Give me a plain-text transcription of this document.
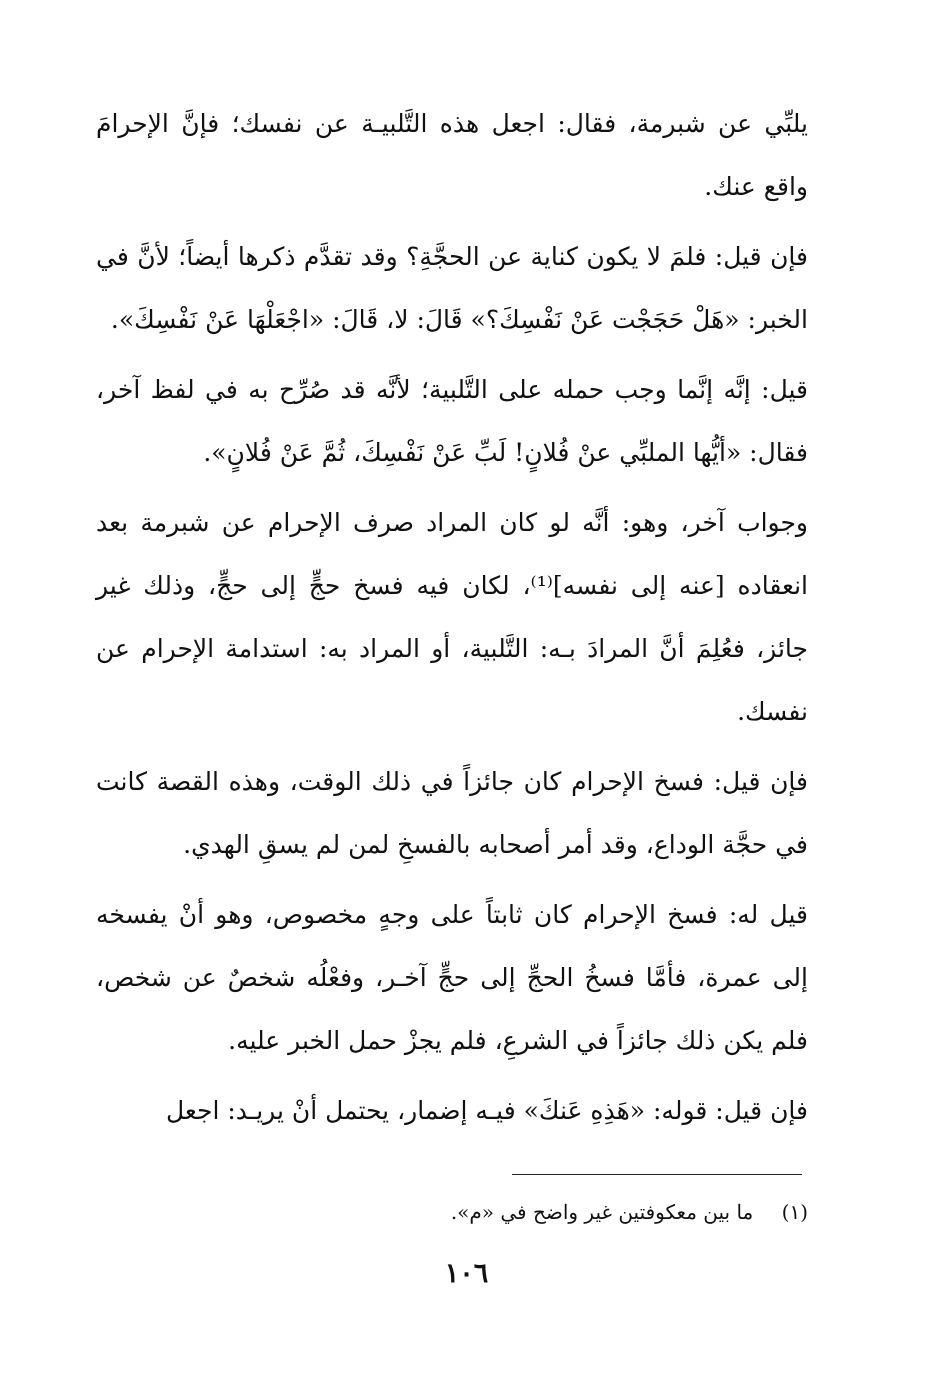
يلبِّي عن شبرمة، فقال: اجعل هذه التَّلبيـة عن نفسك؛ فإنَّ الإحرامَ واقع عنك.

فإن قيل: فلمَ لا يكون كناية عن الحجَّةِ؟ وقد تقدَّم ذكرها أيضاً؛ لأنَّ في الخبر: «هَلْ حَجَجْت عَنْ نَفْسِكَ؟» قَالَ: لا، قَالَ: «اجْعَلْهَا عَنْ نَفْسِكَ».

قيل: إنَّه إنَّما وجب حمله على التَّلبية؛ لأنَّه قد صُرِّح به في لفظ آخر، فقال: «أيُّها الملبِّي عنْ فُلانٍ! لَبِّ عَنْ نَفْسِكَ، ثُمَّ عَنْ فُلانٍ».

وجواب آخر، وهو: أنَّه لو كان المراد صرف الإحرام عن شبرمة بعد انعقاده [عنه إلى نفسه]⁽¹⁾، لكان فيه فسخ حجٍّ إلى حجٍّ، وذلك غير جائز، فعُلِمَ أنَّ المرادَ بـه: التَّلبية، أو المراد به: استدامة الإحرام عن نفسك.

فإن قيل: فسخ الإحرام كان جائزاً في ذلك الوقت، وهذه القصة كانت في حجَّة الوداع، وقد أمر أصحابه بالفسخِ لمن لم يسقِ الهدي.

قيل له: فسخ الإحرام كان ثابتاً على وجهٍ مخصوص، وهو أنْ يفسخه إلى عمرة، فأمَّا فسخُ الحجِّ إلى حجٍّ آخـر، وفعْلُه شخصٌ عن شخص، فلم يكن ذلك جائزاً في الشرعِ، فلم يجزْ حمل الخبر عليه.

فإن قيل: قوله: «هَذِهِ عَنكَ» فيـه إضمار، يحتمل أنْ يريـد: اجعل

(١) ما بين معكوفتين غير واضح في «م».
١٠٦
